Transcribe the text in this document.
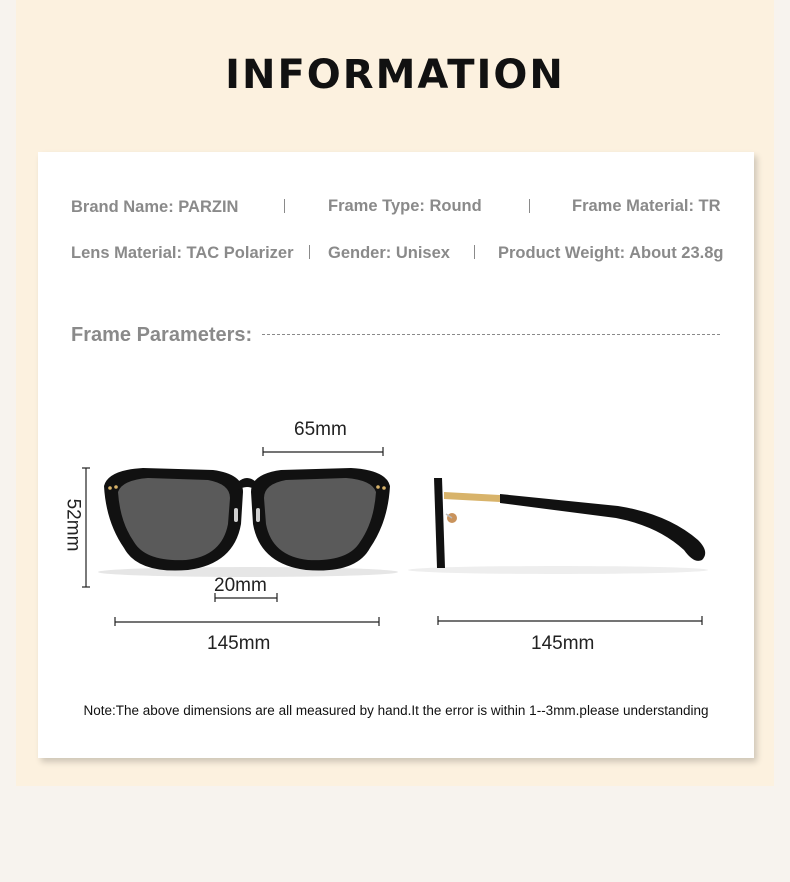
INFORMATION
Brand Name: PARZIN	Frame Type: Round	Frame Material: TR
Lens Material: TAC Polarizer Gender: Unisex	Product Weight: About 23.8g
Frame Parameters:
65mm
52mm
20mm
145mm	145mm
Note:The above dimensions are all measured by hand.It the error is within 1--3mm.please understanding
